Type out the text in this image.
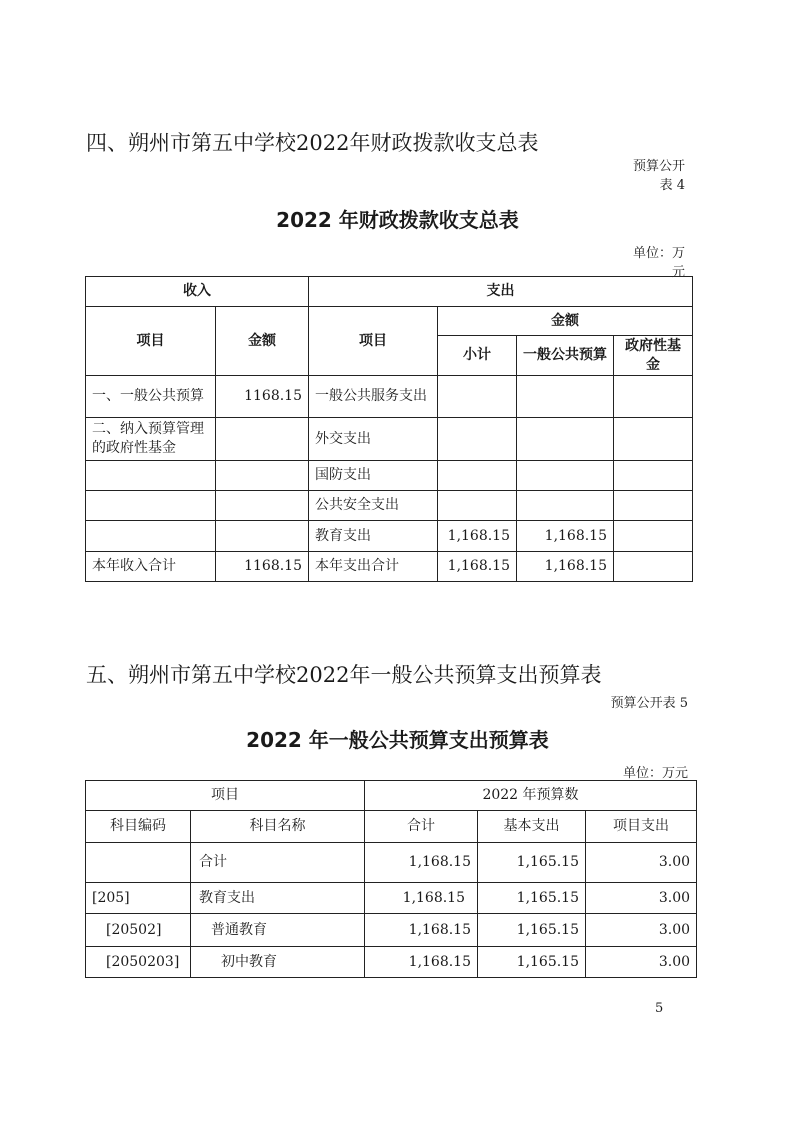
四、朔州市第五中学校2022年财政拨款收支总表
预算公开
表 4
2022 年财政拨款收支总表
单位：万
元
收入		支出			
项目	金额	项目	金额		
			小计	一般公共预算	政府性基金
一、一般公共预算	1168.15	一般公共服务支出			
二、纳入预算管理的政府性基金		外交支出			
		国防支出			
		公共安全支出			
		教育支出	1,168.15	1,168.15	
本年收入合计	1168.15	本年支出合计	1,168.15	1,168.15	
五、朔州市第五中学校2022年一般公共预算支出预算表
预算公开表 5
2022 年一般公共预算支出预算表
单位：万元
项目		2022 年预算数		
科目编码	科目名称	合计	基本支出	项目支出
	合计	1,168.15	1,165.15	3.00
[205]	教育支出	1,168.15	1,165.15	3.00
[20502]	普通教育	1,168.15	1,165.15	3.00
[2050203]	初中教育	1,168.15	1,165.15	3.00
5
